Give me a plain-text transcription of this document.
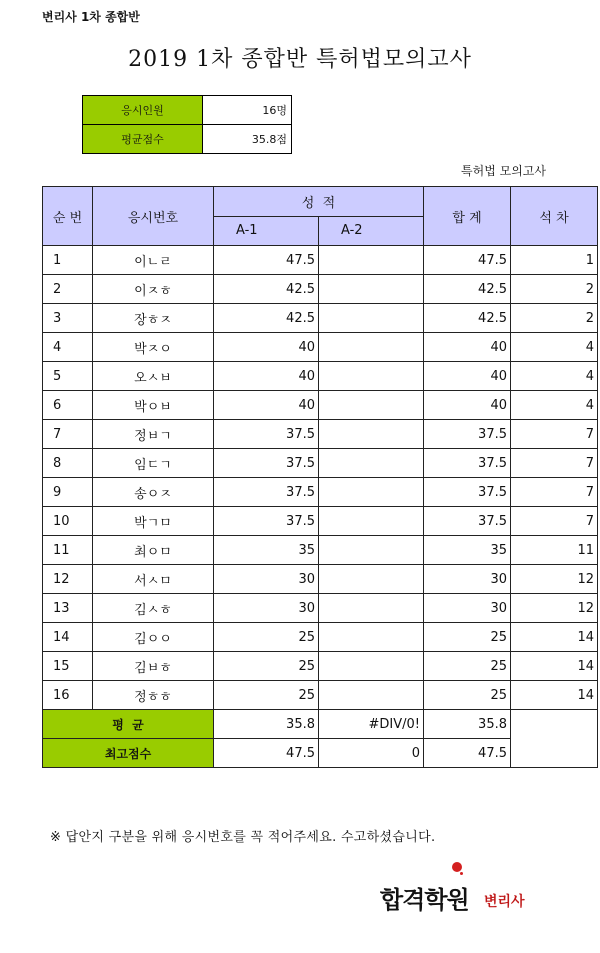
변리사 1차 종합반
2019 1차 종합반 특허법모의고사
응시인원	16명
평균점수	35.8점
특허법 모의고사
순 번	응시번호	성  적		합 계	석 차
		A-1	A-2		
1	이ㄴㄹ	47.5		47.5	1
2	이ㅈㅎ	42.5		42.5	2
3	장ㅎㅈ	42.5		42.5	2
4	박ㅈㅇ	40		40	4
5	오ㅅㅂ	40		40	4
6	박ㅇㅂ	40		40	4
7	정ㅂㄱ	37.5		37.5	7
8	임ㄷㄱ	37.5		37.5	7
9	송ㅇㅈ	37.5		37.5	7
10	박ㄱㅁ	37.5		37.5	7
11	최ㅇㅁ	35		35	11
12	서ㅅㅁ	30		30	12
13	김ㅅㅎ	30		30	12
14	김ㅇㅇ	25		25	14
15	김ㅂㅎ	25		25	14
16	정ㅎㅎ	25		25	14
평  균		35.8	#DIV/0!	35.8	
최고점수		47.5	0	47.5	
※ 답안지 구분을 위해 응시번호를 꼭 적어주세요. 수고하셨습니다.
합격학원 변리사
